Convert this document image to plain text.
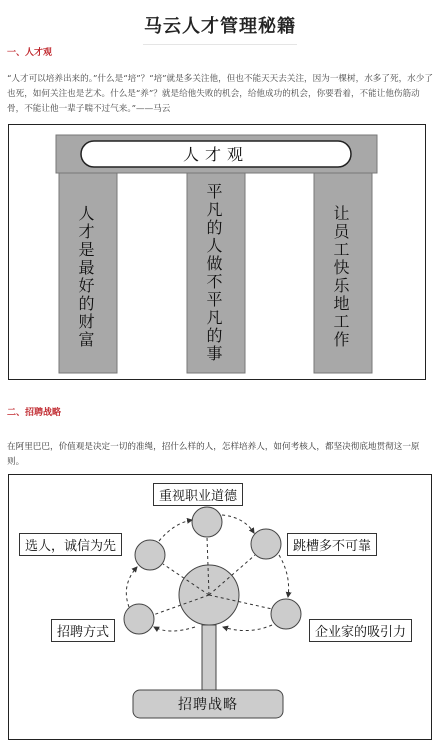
马云人才管理秘籍
一、人才观
“人才可以培养出来的。”什么是“培”？“培”就是多关注他，但也不能天天去关注，因为一棵树，水多了死，水少了也死，如何关注也是艺术。什么是“养”？就是给他失败的机会，给他成功的机会，你要看着，不能让他伤筋动骨，不能让他一辈子喘不过气来。”——马云
人才观
人才是最好的财富	平凡的人做不平凡的事	让员工快乐地工作
二、招聘战略
在阿里巴巴，价值观是决定一切的准绳，招什么样的人，怎样培养人，如何考核人，都坚决彻底地贯彻这一原则。
重视职业道德
选人，诚信为先	跳槽多不可靠
招聘方式	企业家的吸引力
招聘战略
